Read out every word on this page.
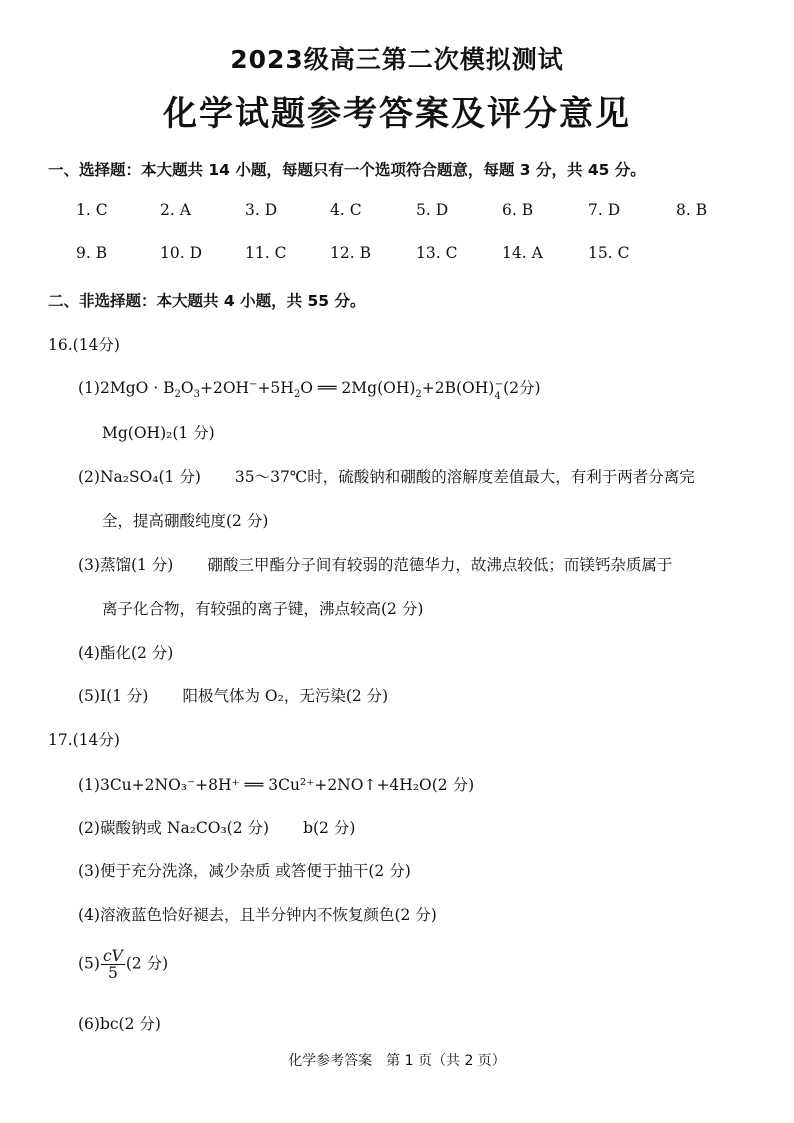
2023级高三第二次模拟测试
化学试题参考答案及评分意见
一、选择题：本大题共 14 小题，每题只有一个选项符合题意，每题 3 分，共 45 分。
1. C	2. A	3. D	4. C	5. D	6. B	7. D	8. B
9. B	10. D	11. C	12. B	13. C	14. A	15. C
二、非选择题：本大题共 4 小题，共 55 分。
16.(14分)
$(1)2MgO \cdot B_2O_3+2OH^-+5H_2O$ ══ $2Mg(OH)_2+2B(OH)_4^-(2$分)
Mg(OH)₂(1 分)
(2)Na₂SO₄(1 分) 35～37℃时，硫酸钠和硼酸的溶解度差值最大，有利于两者分离完
全，提高硼酸纯度(2 分)
(3)蒸馏(1 分) 硼酸三甲酯分子间有较弱的范德华力，故沸点较低；而镁钙杂质属于
离子化合物，有较强的离子键，沸点较高(2 分)
(4)酯化(2 分)
(5)I(1 分) 阳极气体为 O₂，无污染(2 分)
17.(14分)
(1)3Cu+2NO₃⁻+8H⁺ ══ 3Cu²⁺+2NO↑+4H₂O(2 分)
(2)碳酸钠或 Na₂CO₃(2 分) b(2 分)
(3)便于充分洗涤，减少杂质 或答便于抽干(2 分)
(4)溶液蓝色恰好褪去，且半分钟内不恢复颜色(2 分)
$(5) \frac{cV}{5} (2$ 分)
(6)bc(2 分)
化学参考答案　第 1 页（共 2 页）
